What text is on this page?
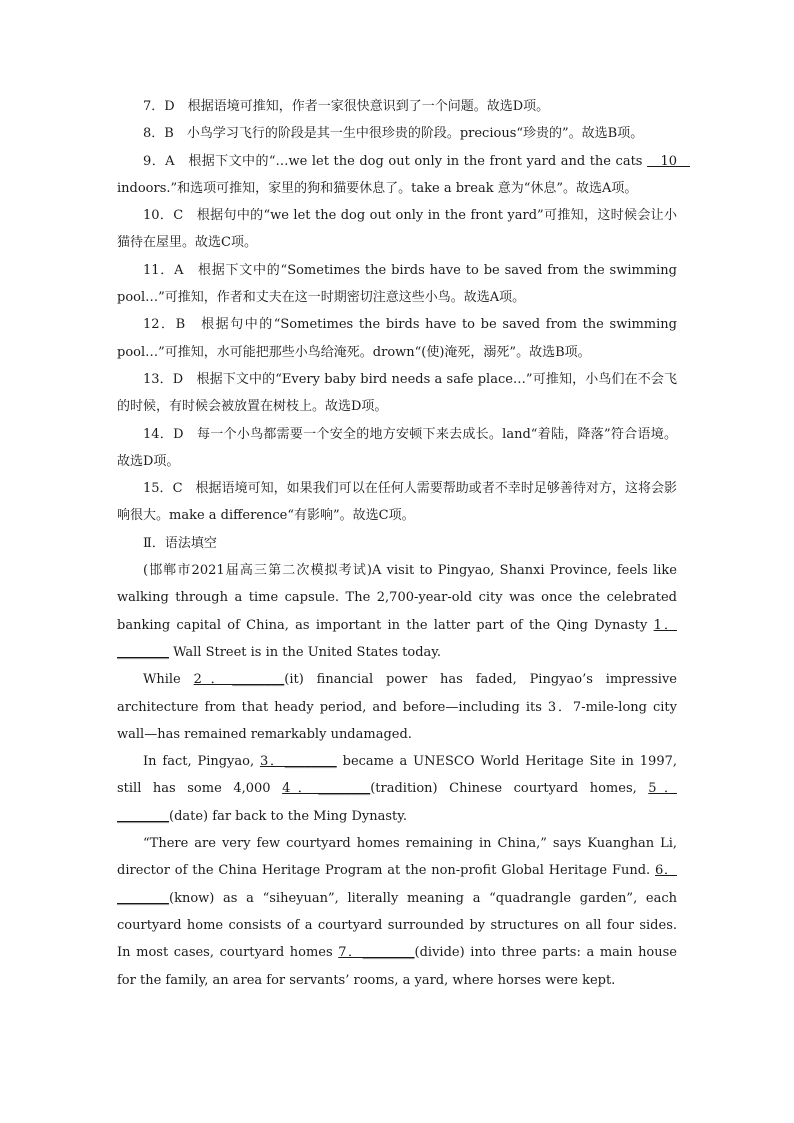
7．D　根据语境可推知，作者一家很快意识到了一个问题。故选D项。

8．B　小鸟学习飞行的阶段是其一生中很珍贵的阶段。precious“珍贵的”。故选B项。

9．A　根据下文中的“…we let the dog out only in the front yard and the cats 　10　 indoors.”和选项可推知，家里的狗和猫要休息了。take a break 意为“休息”。故选A项。

10．C　根据句中的“we let the dog out only in the front yard”可推知，这时候会让小猫待在屋里。故选C项。

11．A　根据下文中的“Sometimes the birds have to be saved from the swimming pool…”可推知，作者和丈夫在这一时期密切注意这些小鸟。故选A项。

12．B　根据句中的“Sometimes the birds have to be saved from the swimming pool…”可推知，水可能把那些小鸟给淹死。drown“(使)淹死，溺死”。故选B项。

13．D　根据下文中的“Every baby bird needs a safe place…”可推知，小鸟们在不会飞的时候，有时候会被放置在树枝上。故选D项。

14．D　每一个小鸟都需要一个安全的地方安顿下来去成长。land“着陆，降落”符合语境。故选D项。

15．C　根据语境可知，如果我们可以在任何人需要帮助或者不幸时足够善待对方，这将会影响很大。make a difference“有影响”。故选C项。

Ⅱ．语法填空

(邯郸市2021届高三第二次模拟考试)A visit to Pingyao, Shanxi Province, feels like walking through a time capsule. The 2,700-year-old city was once the celebrated banking capital of China, as important in the latter part of the Qing Dynasty 1．________ Wall Street is in the United States today.

While 2．________(it) financial power has faded, Pingyao’s impressive architecture from that heady period, and before—including its 3．7-mile-long city wall—has remained remarkably undamaged.

In fact, Pingyao, 3．________ became a UNESCO World Heritage Site in 1997, still has some 4,000 4．________(tradition) Chinese courtyard homes, 5．________(date) far back to the Ming Dynasty.

“There are very few courtyard homes remaining in China,” says Kuanghan Li, director of the China Heritage Program at the non-profit Global Heritage Fund. 6．________(know) as a “siheyuan”, literally meaning a “quadrangle garden”, each courtyard home consists of a courtyard surrounded by structures on all four sides. In most cases, courtyard homes 7．________(divide) into three parts: a main house for the family, an area for servants’ rooms, a yard, where horses were kept.
